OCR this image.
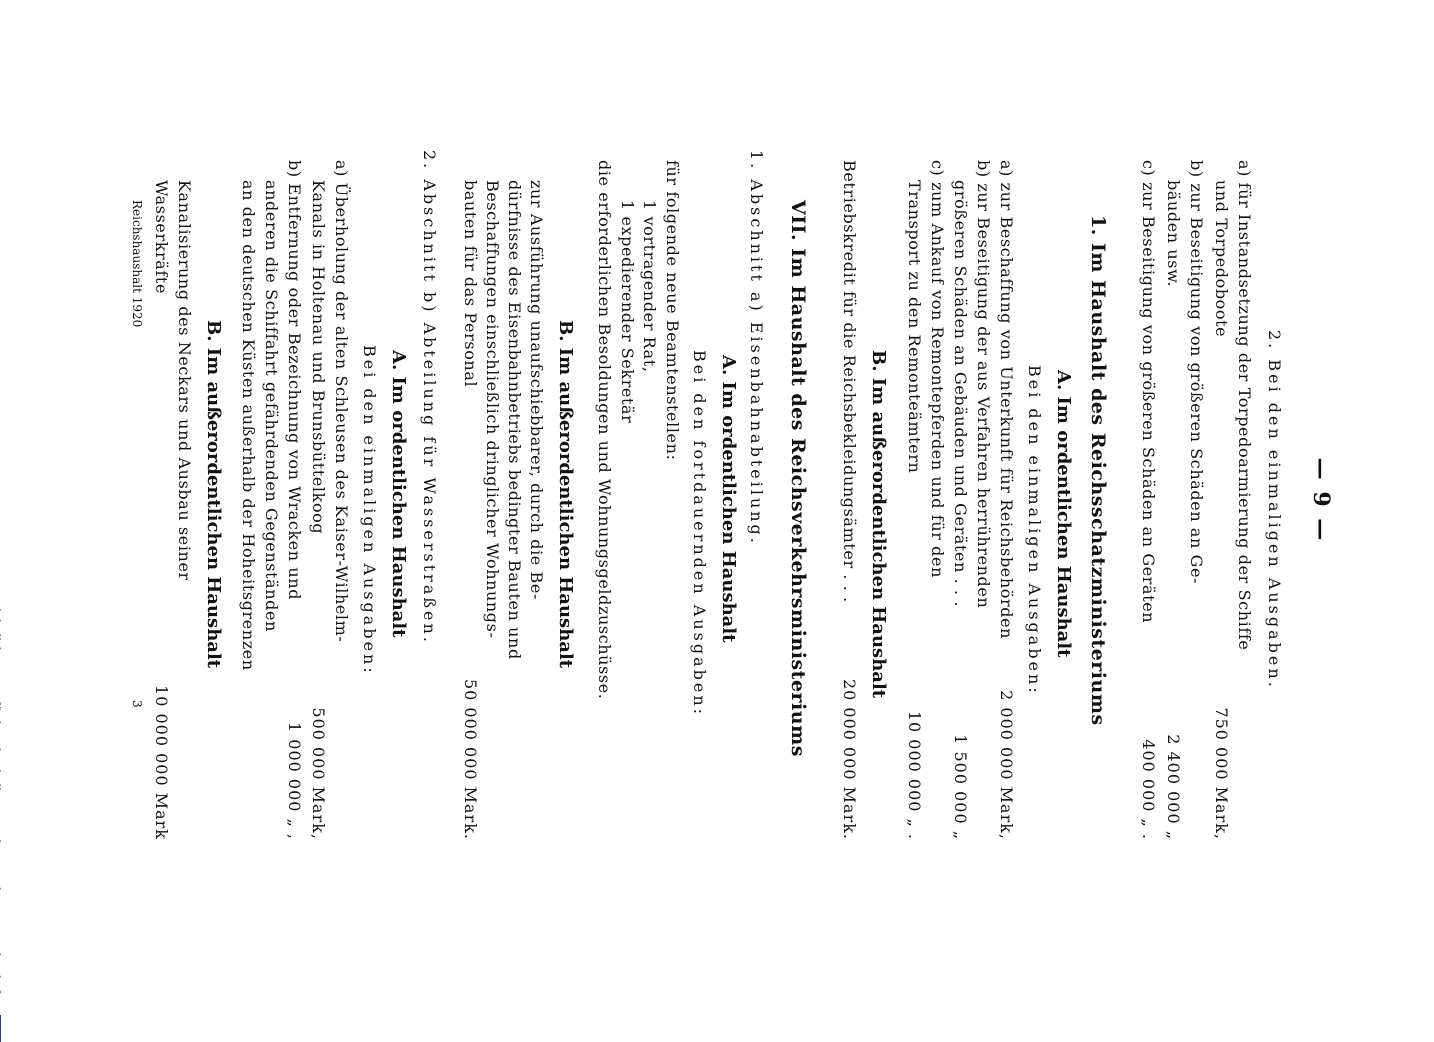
— 9 —
2. Bei den einmaligen Ausgaben.
a) für Instandsetzung der Torpedoarmierung der Schiffe
und Torpedoboote
750 000 Mark,
b) zur Beseitigung von größeren Schäden an Ge-
bäuden usw.
2 400 000 „
c) zur Beseitigung von größeren Schäden an Geräten
400 000 „ .
1. Im Haushalt des Reichsschatzministeriums
A. Im ordentlichen Haushalt
Bei den einmaligen Ausgaben:
a) zur Beschaffung von Unterkunft für Reichsbehörden
2 000 000 Mark,
b) zur Beseitigung der aus Verfahren herrührenden
größeren Schäden an Gebäuden und Geräten . . .
1 500 000 „
c) zum Ankauf von Remontepferden und für den
Transport zu den Remonteämtern
10 000 000 „ .
B. Im außerordentlichen Haushalt
Betriebskredit für die Reichsbekleidungsämter . . .
20 000 000 Mark.
VII. Im Haushalt des Reichsverkehrsministeriums
1. Abschnitt a) Eisenbahnabteilung.
A. Im ordentlichen Haushalt
Bei den fortdauernden Ausgaben:
für folgende neue Beamtenstellen:
1 vortragender Rat,
1 expedierender Sekretär
die erforderlichen Besoldungen und Wohnungsgeldzuschüsse.
B. Im außerordentlichen Haushalt
zur Ausführung unaufschiebbarer, durch die Be-
dürfnisse des Eisenbahnbetriebs bedingter Bauten und
Beschaffungen einschließlich dringlicher Wohnungs-
bauten für das Personal
50 000 000 Mark.
2. Abschnitt b) Abteilung für Wasserstraßen.
A. Im ordentlichen Haushalt
Bei den einmaligen Ausgaben:
a) Überholung der alten Schleusen des Kaiser-Wilhelm-
Kanals in Holtenau und Brunsbüttelkoog
500 000 Mark,
b) Entfernung oder Bezeichnung von Wracken und
anderen die Schiffahrt gefährdenden Gegenständen
an den deutschen Küsten außerhalb der Hoheitsgrenzen
1 000 000 „ ,
B. Im außerordentlichen Haushalt
Kanalisierung des Neckars und Ausbau seiner
Wasserkräfte
10 000 000 Mark
Reichshaushalt 1920
3
